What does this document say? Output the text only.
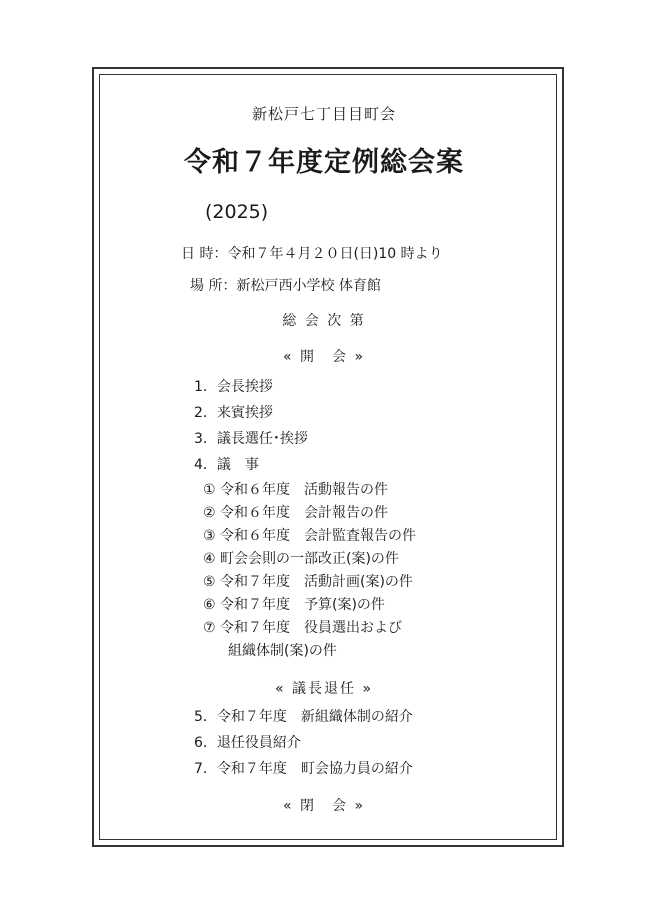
新松戸七丁目目町会
令和７年度定例総会案
(2025)
日 時：令和７年４月２０日(日)10 時より
場 所：新松戸西小学校 体育館
総 会 次 第
« 開　会 »
1．会長挨拶
2．来賓挨拶
3．議長選任･挨拶
4．議　事
① 令和６年度　活動報告の件
② 令和６年度　会計報告の件
③ 令和６年度　会計監査報告の件
④ 町会会則の一部改正(案)の件
⑤ 令和７年度　活動計画(案)の件
⑥ 令和７年度　予算(案)の件
⑦ 令和７年度　役員選出および
組織体制(案)の件
« 議長退任 »
5．令和７年度　新組織体制の紹介
6．退任役員紹介
7．令和７年度　町会協力員の紹介
« 閉　会 »
